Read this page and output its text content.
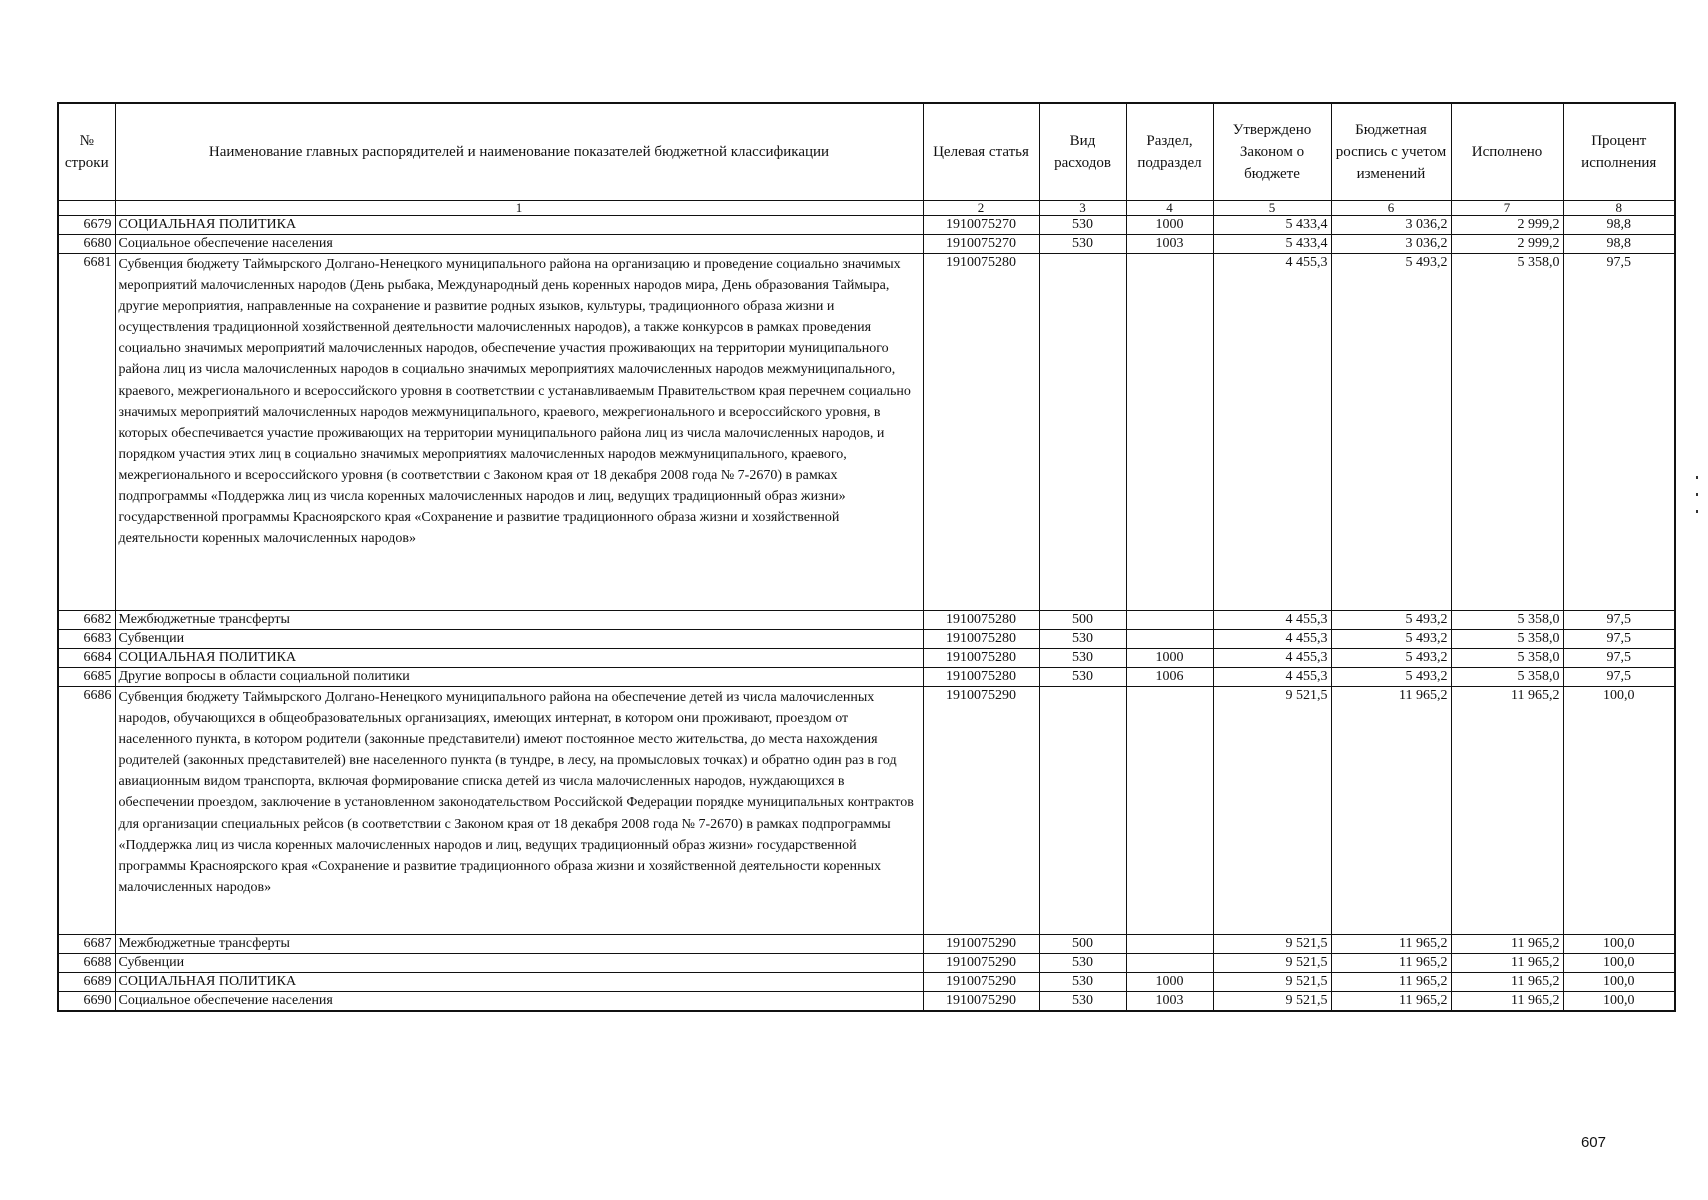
№ строки	Наименование главных распорядителей и наименование показателей бюджетной классификации	Целевая статья	Вид расходов	Раздел, подраздел	Утверждено Законом о бюджете	Бюджетная роспись с учетом изменений	Исполнено	Процент исполнения
	1	2	3	4	5	6	7	8
6679	СОЦИАЛЬНАЯ ПОЛИТИКА	1910075270	530	1000	5 433,4	3 036,2	2 999,2	98,8
6680	Социальное обеспечение населения	1910075270	530	1003	5 433,4	3 036,2	2 999,2	98,8
6681	Субвенция бюджету Таймырского Долгано-Ненецкого муниципального района на организацию и проведение социально значимых мероприятий малочисленных народов (День рыбака, Международный день коренных народов мира, День образования Таймыра, другие мероприятия, направленные на сохранение и развитие родных языков, культуры, традиционного образа жизни и осуществления традиционной хозяйственной деятельности малочисленных народов), а также конкурсов в рамках проведения социально значимых мероприятий малочисленных народов, обеспечение участия проживающих на территории муниципального района лиц из числа малочисленных народов в социально значимых мероприятиях малочисленных народов межмуниципального, краевого, межрегионального и всероссийского уровня в соответствии с устанавливаемым Правительством края перечнем социально значимых мероприятий малочисленных народов межмуниципального, краевого, межрегионального и всероссийского уровня, в которых обеспечивается участие проживающих на территории муниципального района лиц из числа малочисленных народов, и порядком участия этих лиц в социально значимых мероприятиях малочисленных народов межмуниципального, краевого, межрегионального и всероссийского уровня (в соответствии с Законом края от 18 декабря 2008 года № 7-2670) в рамках подпрограммы «Поддержка лиц из числа коренных малочисленных народов и лиц, ведущих традиционный образ жизни» государственной программы Красноярского края «Сохранение и развитие традиционного образа жизни и хозяйственной деятельности коренных малочисленных народов»	1910075280			4 455,3	5 493,2	5 358,0	97,5
6682	Межбюджетные трансферты	1910075280	500		4 455,3	5 493,2	5 358,0	97,5
6683	Субвенции	1910075280	530		4 455,3	5 493,2	5 358,0	97,5
6684	СОЦИАЛЬНАЯ ПОЛИТИКА	1910075280	530	1000	4 455,3	5 493,2	5 358,0	97,5
6685	Другие вопросы в области социальной политики	1910075280	530	1006	4 455,3	5 493,2	5 358,0	97,5
6686	Субвенция бюджету Таймырского Долгано-Ненецкого муниципального района на обеспечение детей из числа малочисленных народов, обучающихся в общеобразовательных организациях, имеющих интернат, в котором они проживают, проездом от населенного пункта, в котором родители (законные представители) имеют постоянное место жительства, до места нахождения родителей (законных представителей) вне населенного пункта (в тундре, в лесу, на промысловых точках) и обратно один раз в год авиационным видом транспорта, включая формирование списка детей из числа малочисленных народов, нуждающихся в обеспечении проездом, заключение в установленном законодательством Российской Федерации порядке муниципальных контрактов для организации специальных рейсов (в соответствии с Законом края от 18 декабря 2008 года № 7-2670) в рамках подпрограммы «Поддержка лиц из числа коренных малочисленных народов и лиц, ведущих традиционный образ жизни» государственной программы Красноярского края «Сохранение и развитие традиционного образа жизни и хозяйственной деятельности коренных малочисленных народов»	1910075290			9 521,5	11 965,2	11 965,2	100,0
6687	Межбюджетные трансферты	1910075290	500		9 521,5	11 965,2	11 965,2	100,0
6688	Субвенции	1910075290	530		9 521,5	11 965,2	11 965,2	100,0
6689	СОЦИАЛЬНАЯ ПОЛИТИКА	1910075290	530	1000	9 521,5	11 965,2	11 965,2	100,0
6690	Социальное обеспечение населения	1910075290	530	1003	9 521,5	11 965,2	11 965,2	100,0
607
